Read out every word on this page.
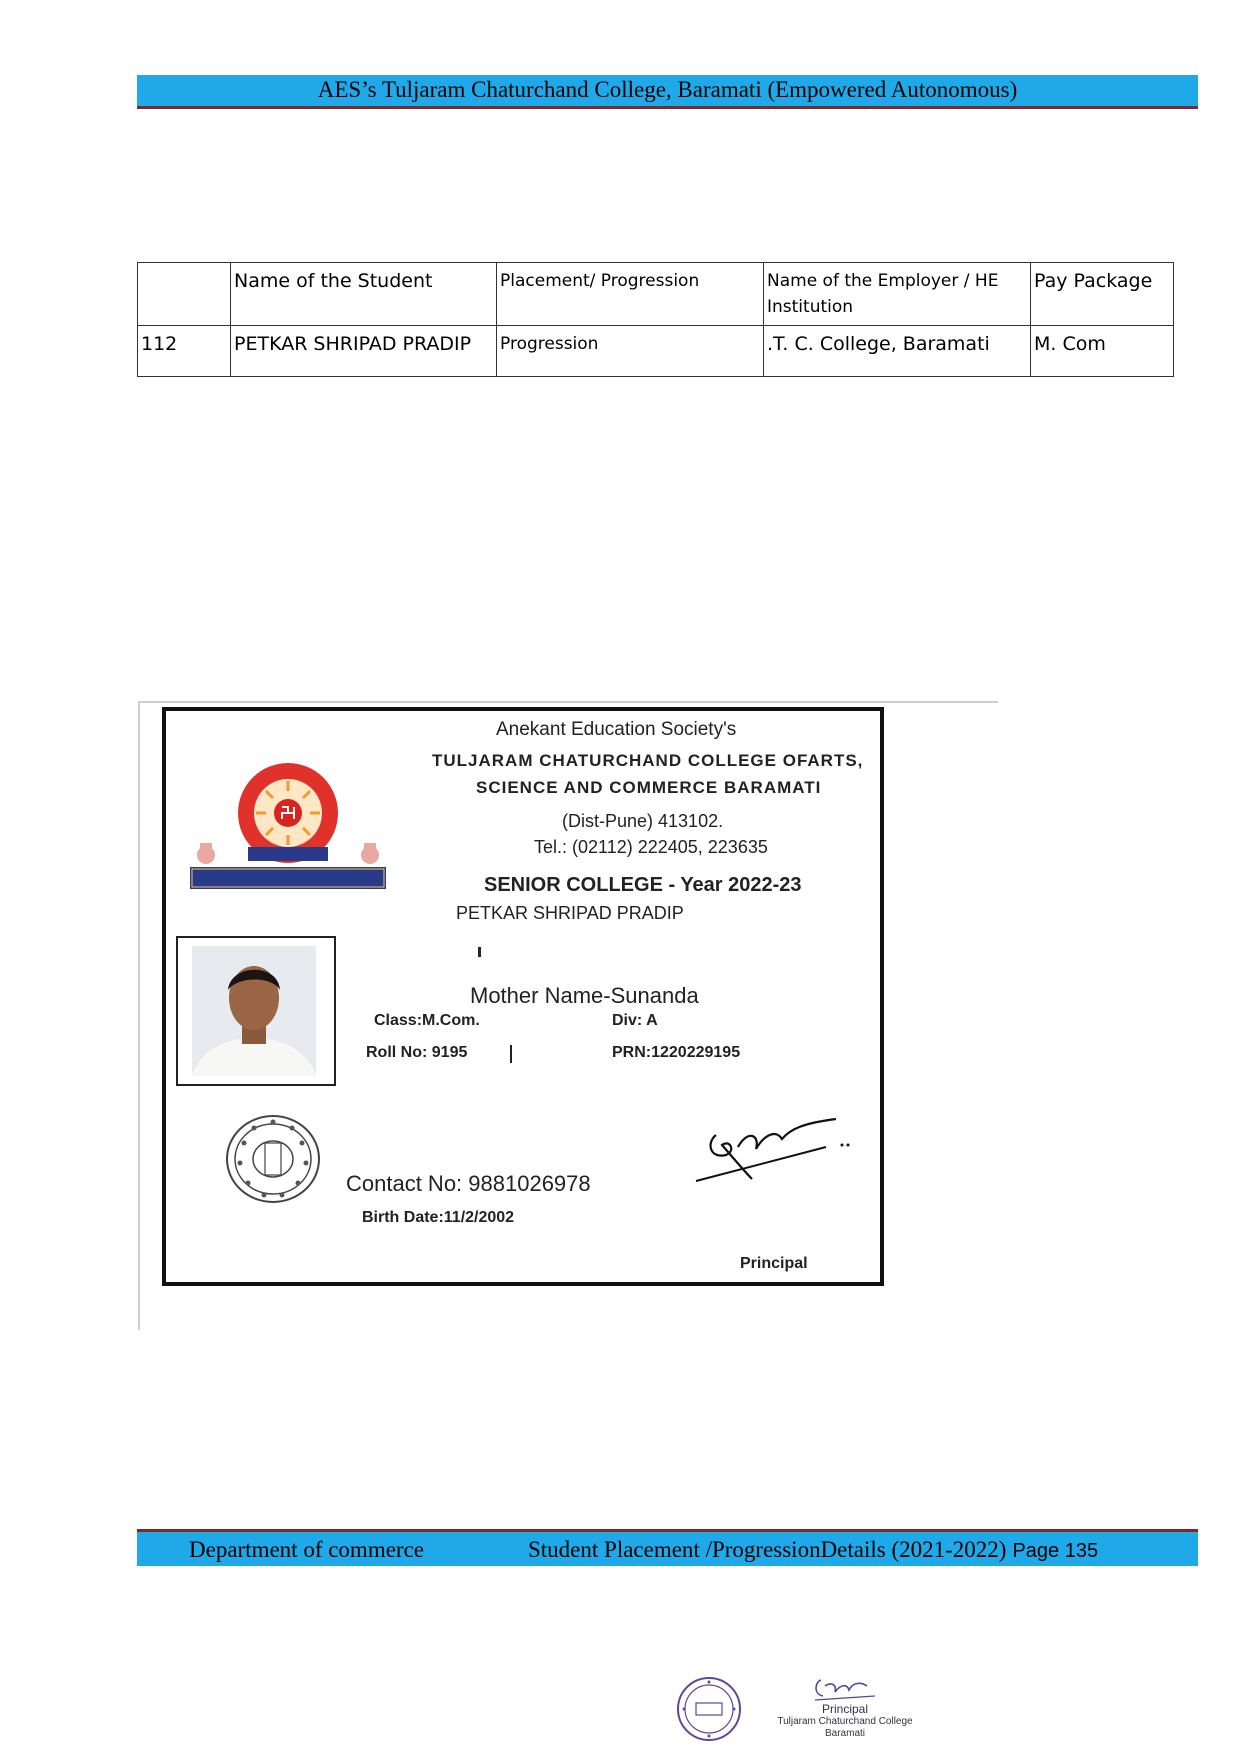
AES’s Tuljaram Chaturchand College, Baramati (Empowered Autonomous)
	Name of the Student	Placement/ Progression	Name of the Employer / HE Institution	Pay Package
112	PETKAR SHRIPAD PRADIP	Progression	.T. C. College, Baramati	M. Com
Anekant Education Society's
TULJARAM CHATURCHAND COLLEGE OFARTS,
SCIENCE AND COMMERCE BARAMATI
(Dist-Pune) 413102.
Tel.: (02112) 222405, 223635
SENIOR COLLEGE - Year 2022-23
PETKAR SHRIPAD PRADIP
Mother Name-Sunanda
Class:M.Com.	Div: A
Roll No: 9195	PRN:1220229195
Contact No: 9881026978
Birth Date:11/2/2002
Principal
Department of commerce	Student Placement /ProgressionDetails (2021-2022) Page 135
Principal
Tuljaram Chaturchand College
Baramati
